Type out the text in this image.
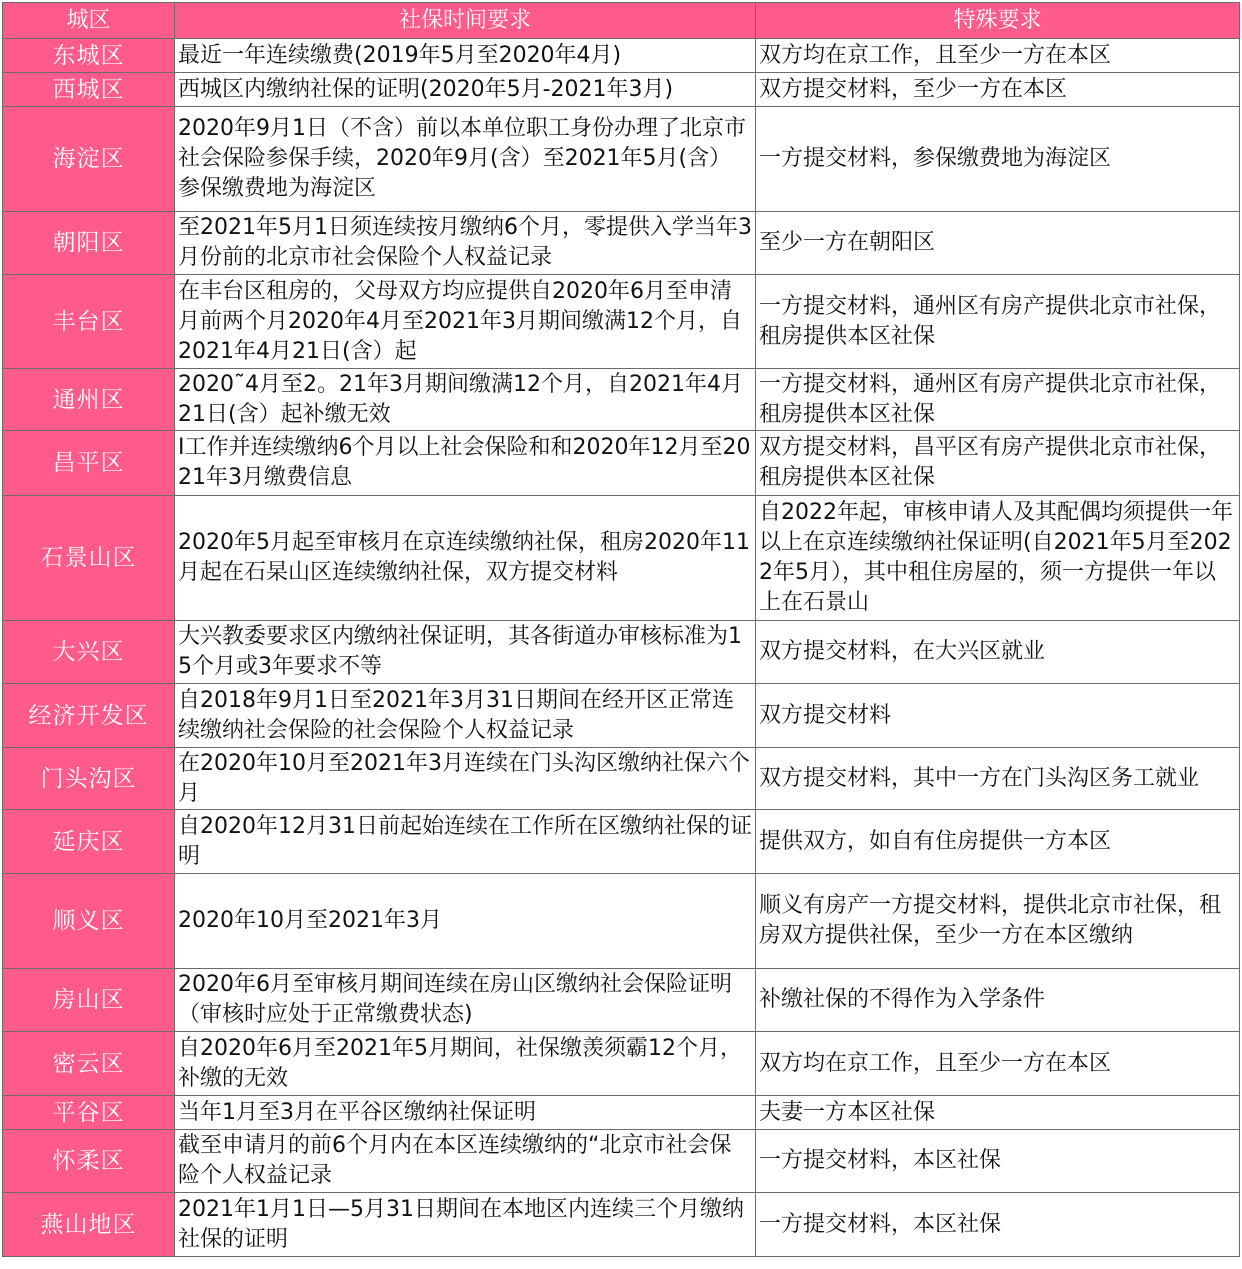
城区	社保时间要求	特殊要求
东城区	最近一年连续缴费(2019年5月至2020年4月)	双方均在京工作，且至少一方在本区
西城区	西城区内缴纳社保的证明(2020年5月-2021年3月)	双方提交材料，至少一方在本区
海淀区	2020年9月1日（不含）前以本单位职工身份办理了北京市社会保险参保手续，2020年9月(含）至2021年5月(含）参保缴费地为海淀区	一方提交材料，参保缴费地为海淀区
朝阳区	至2021年5月1日须连续按月缴纳6个月，零提供入学当年3月份前的北京市社会保险个人权益记录	至少一方在朝阳区
丰台区	在丰台区租房的，父母双方均应提供自2020年6月至申清月前两个月2020年4月至2021年3月期间缴满12个月，自2021年4月21日(含）起	一方提交材料，通州区有房产提供北京市社保，租房提供本区社保
通州区	2020˜4月至2。21年3月期间缴满12个月，自2021年4月21日(含）起补缴无效	一方提交材料，通州区有房产提供北京市社保，租房提供本区社保
昌平区	I工作并连续缴纳6个月以上社会保险和和2020年12月至2021年3月缴费信息	双方提交材料，昌平区有房产提供北京市社保，租房提供本区社保
石景山区	2020年5月起至审核月在京连续缴纳社保，租房2020年11月起在石杲山区连续缴纳社保，双方提交材料	自2022年起，审核申请人及其配偶均须提供一年以上在京连续缴纳社保证明(自2021年5月至2022年5月），其中租住房屋的，须一方提供一年以上在石景山
大兴区	大兴教委要求区内缴纳社保证明，其各街道办审核标准为15个月或3年要求不等	双方提交材料，在大兴区就业
经济开发区	自2018年9月1日至2021年3月31日期间在经开区正常连续缴纳社会保险的社会保险个人权益记录	双方提交材料
门头沟区	在2020年10月至2021年3月连续在门头沟区缴纳社保六个月	双方提交材料，其中一方在门头沟区务工就业
延庆区	自2020年12月31日前起始连续在工作所在区缴纳社保的证明	提供双方，如自有住房提供一方本区
顺义区	2020年10月至2021年3月	顺义有房产一方提交材料，提供北京市社保，租房双方提供社保，至少一方在本区缴纳
房山区	2020年6月至审核月期间连续在房山区缴纳社会保险证明（审核时应处于正常缴费状态)	补缴社保的不得作为入学条件
密云区	自2020年6月至2021年5月期间，社保缴羡须霸12个月，补缴的无效	双方均在京工作，且至少一方在本区
平谷区	当年1月至3月在平谷区缴纳社保证明	夫妻一方本区社保
怀柔区	截至申请月的前6个月内在本区连续缴纳的“北京市社会保险个人权益记录	一方提交材料，本区社保
燕山地区	2021年1月1日—5月31日期间在本地区内连续三个月缴纳社保的证明	一方提交材料，本区社保
